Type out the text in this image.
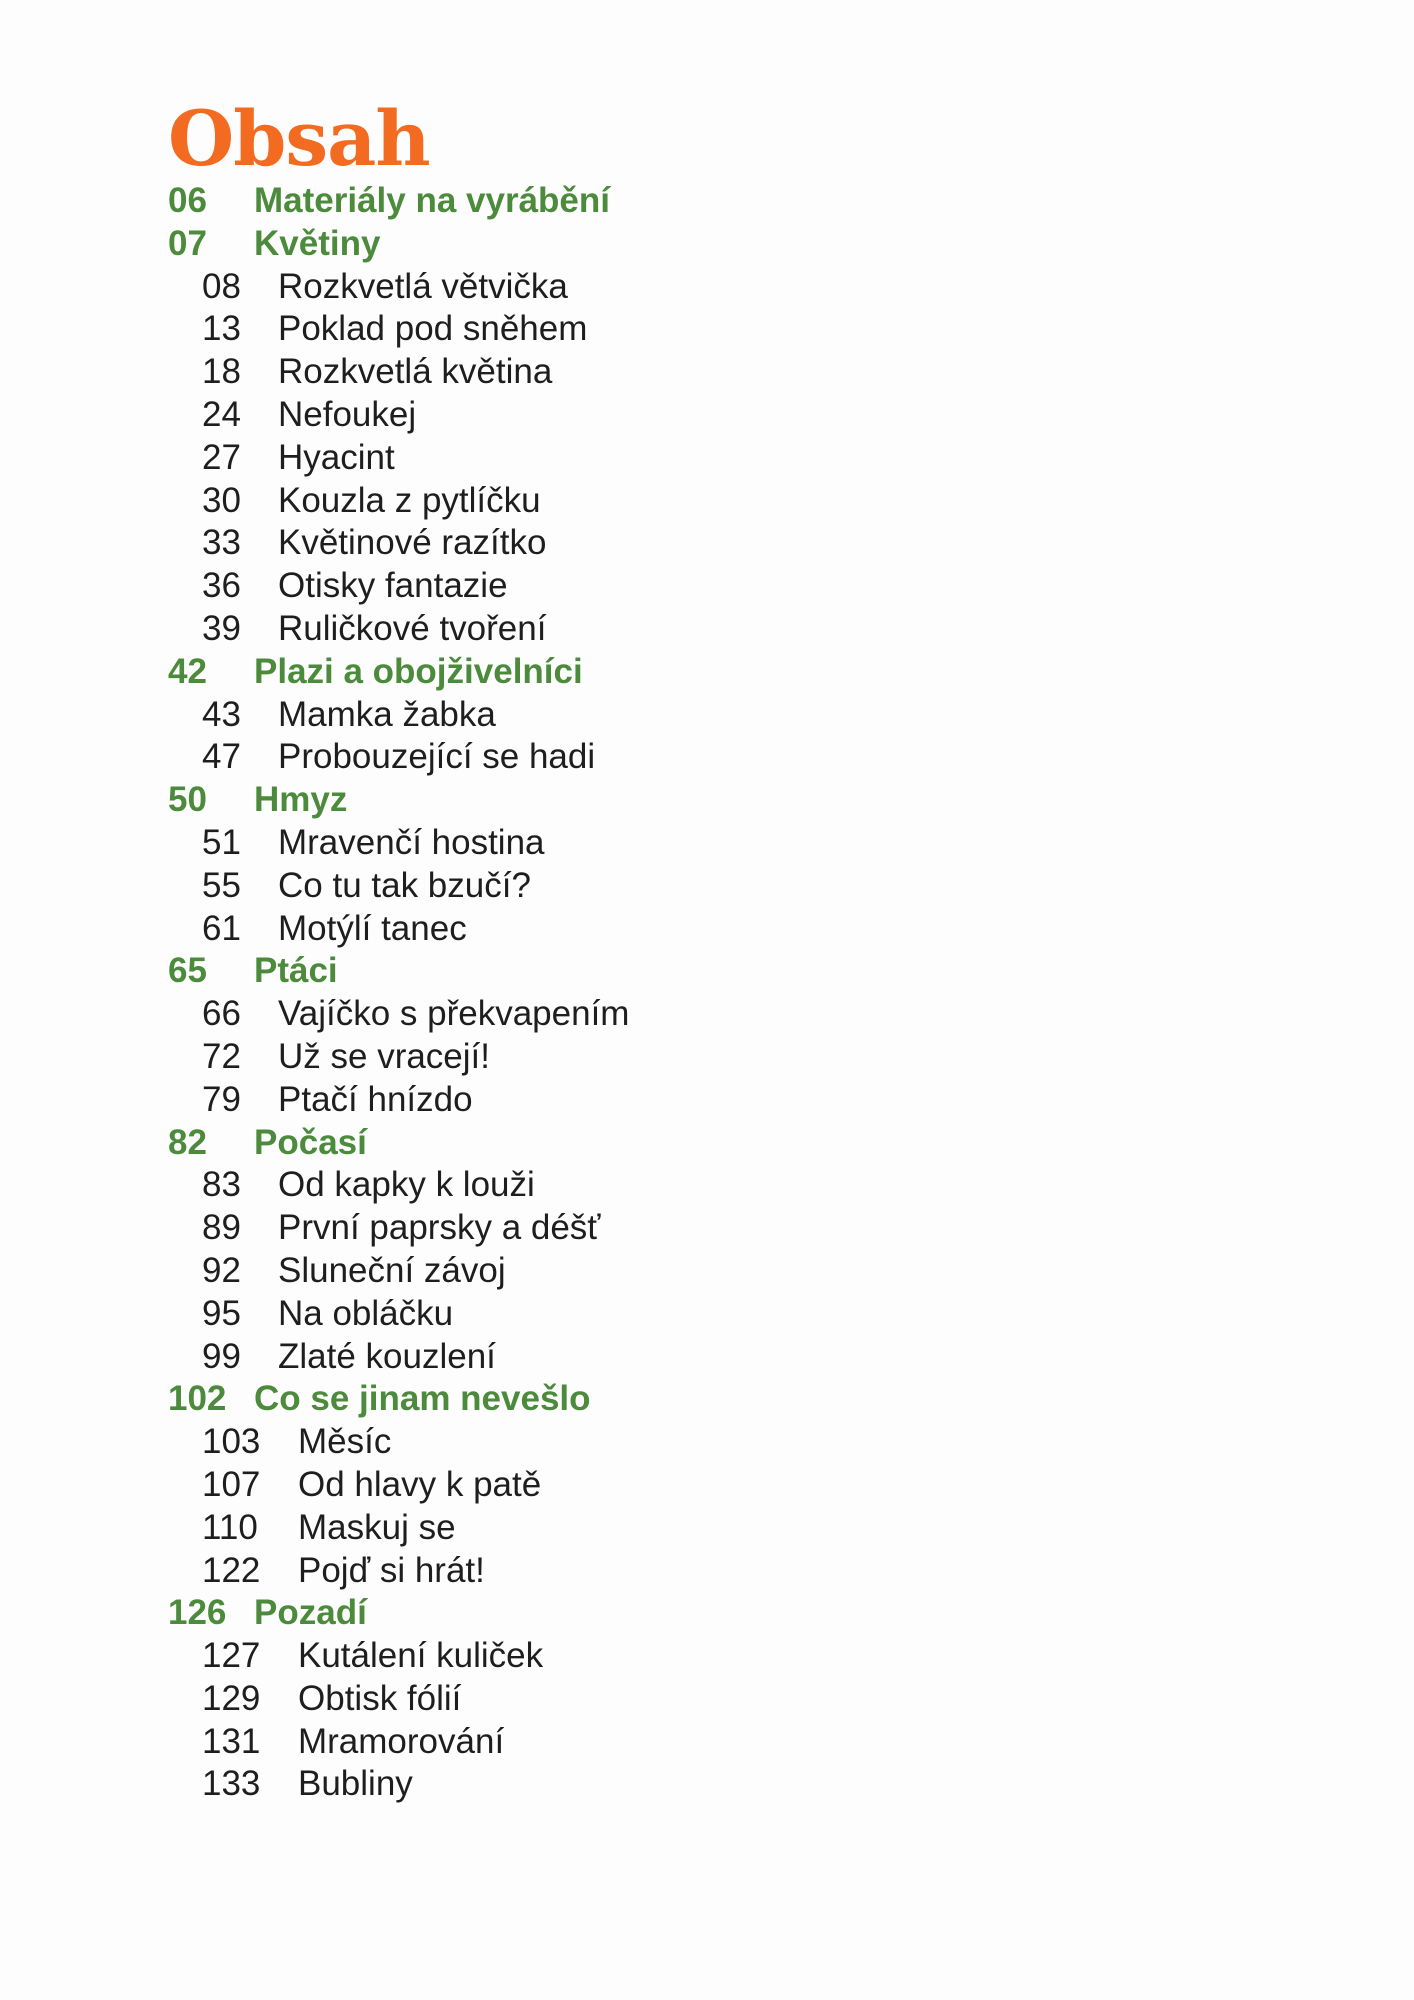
Obsah
06 Materiály na vyrábění
07 Květiny
08 Rozkvetlá větvička
13 Poklad pod sněhem
18 Rozkvetlá květina
24 Nefoukej
27 Hyacint
30 Kouzla z pytlíčku
33 Květinové razítko
36 Otisky fantazie
39 Ruličkové tvoření
42 Plazi a obojživelníci
43 Mamka žabka
47 Probouzející se hadi
50 Hmyz
51 Mravenčí hostina
55 Co tu tak bzučí?
61 Motýlí tanec
65 Ptáci
66 Vajíčko s překvapením
72 Už se vracejí!
79 Ptačí hnízdo
82 Počasí
83 Od kapky k louži
89 První paprsky a déšť
92 Sluneční závoj
95 Na obláčku
99 Zlaté kouzlení
102 Co se jinam nevešlo
103 Měsíc
107 Od hlavy k patě
110 Maskuj se
122 Pojď si hrát!
126 Pozadí
127 Kutálení kuliček
129 Obtisk fólií
131 Mramorování
133 Bubliny
